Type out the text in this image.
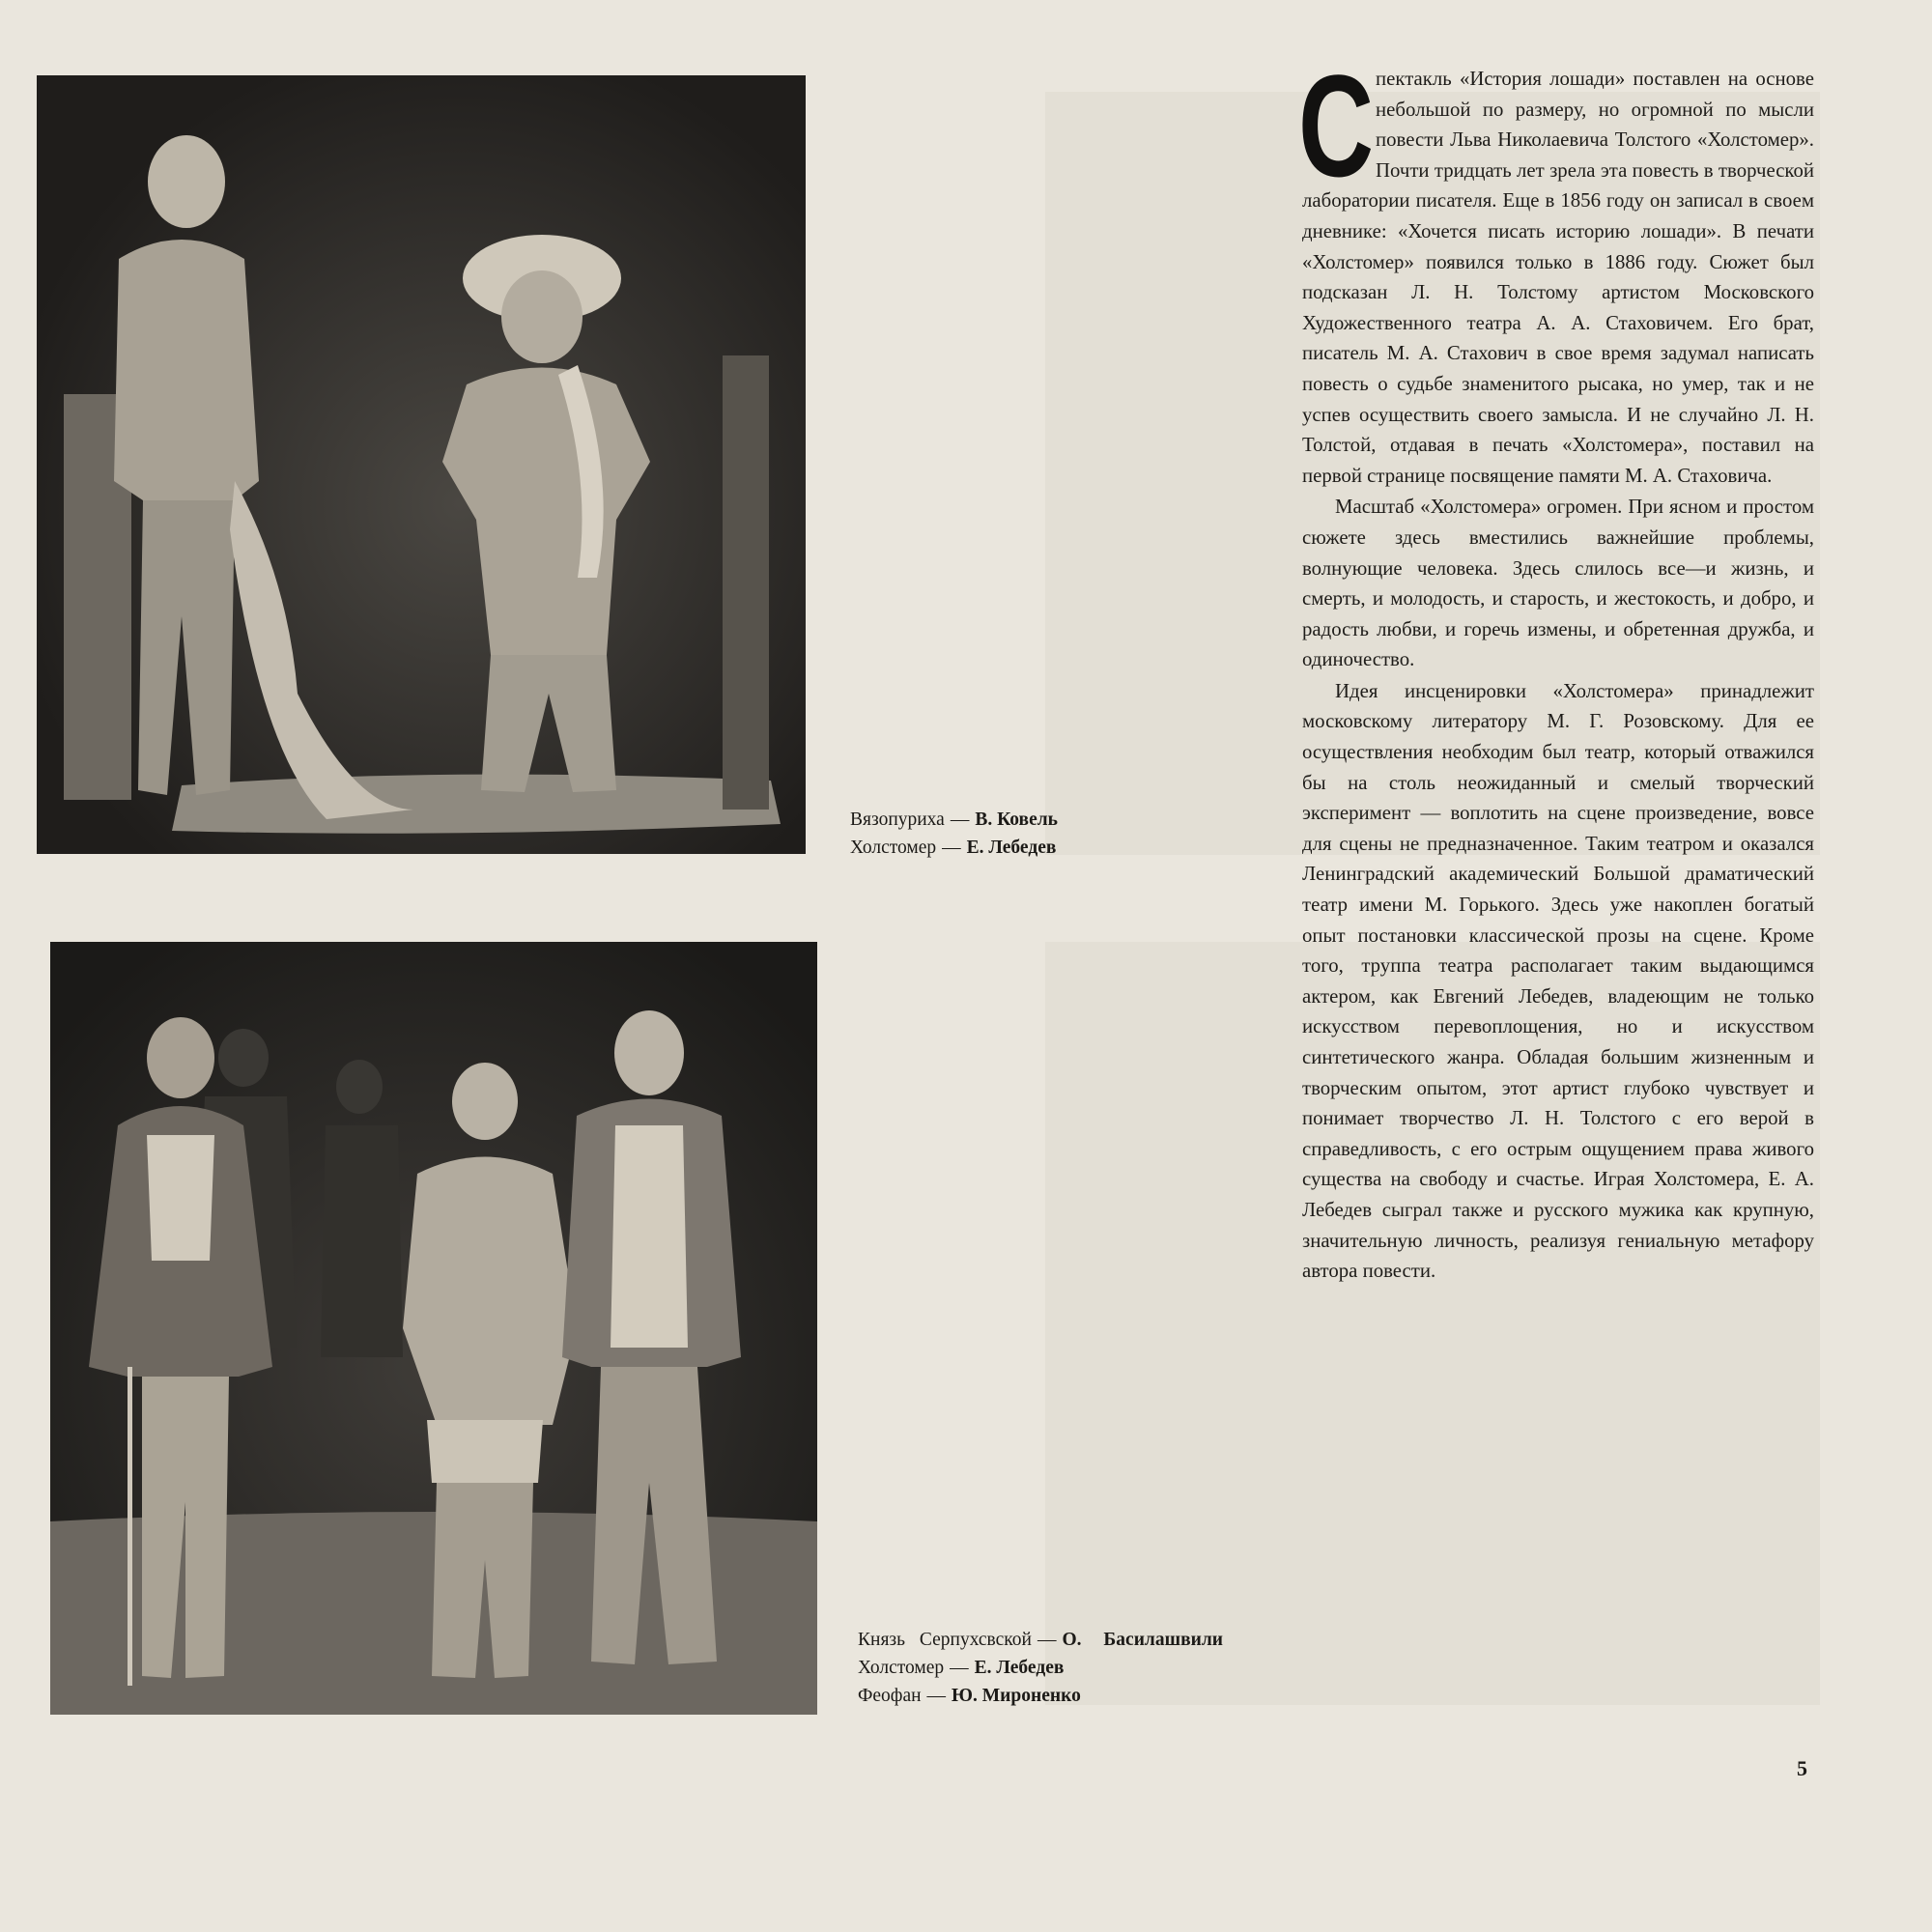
Вязопуриха — В. Ковель
Холстомер — Е. Лебедев
Князь Серпухсвской — О. Басилашвили
Холстомер — Е. Лебедев
Феофан — Ю. Мироненко

Спектакль «История лошади» поставлен на основе небольшой по размеру, но огромной по мысли повести Льва Николаевича Толстого «Холстомер». Почти тридцать лет зрела эта повесть в творческой лаборатории писателя. Еще в 1856 году он записал в своем дневнике: «Хочется писать историю лошади». В печати «Холстомер» появился только в 1886 году. Сюжет был подсказан Л. Н. Толстому артистом Московского Художественного театра А. А. Стаховичем. Его брат, писатель М. А. Стахович в свое время задумал написать повесть о судьбе знаменитого рысака, но умер, так и не успев осуществить своего замысла. И не случайно Л. Н. Толстой, отдавая в печать «Холстомера», поставил на первой странице посвящение памяти М. А. Стаховича.

Масштаб «Холстомера» огромен. При ясном и простом сюжете здесь вместились важнейшие проблемы, волнующие человека. Здесь слилось все—и жизнь, и смерть, и молодость, и старость, и жестокость, и добро, и радость любви, и горечь измены, и обретенная дружба, и одиночество.

Идея инсценировки «Холстомера» принадлежит московскому литератору М. Г. Розовскому. Для ее осуществления необходим был театр, который отважился бы на столь неожиданный и смелый творческий эксперимент — воплотить на сцене произведение, вовсе для сцены не предназначенное. Таким театром и оказался Ленинградский академический Большой драматический театр имени М. Горького. Здесь уже накоплен богатый опыт постановки классической прозы на сцене. Кроме того, труппа театра располагает таким выдающимся актером, как Евгений Лебедев, владеющим не только искусством перевоплощения, но и искусством синтетического жанра. Обладая большим жизненным и творческим опытом, этот артист глубоко чувствует и понимает творчество Л. Н. Толстого с его верой в справедливость, с его острым ощущением права живого существа на свободу и счастье. Играя Холстомера, Е. А. Лебедев сыграл также и русского мужика как крупную, значительную личность, реализуя гениальную метафору автора повести.

5
